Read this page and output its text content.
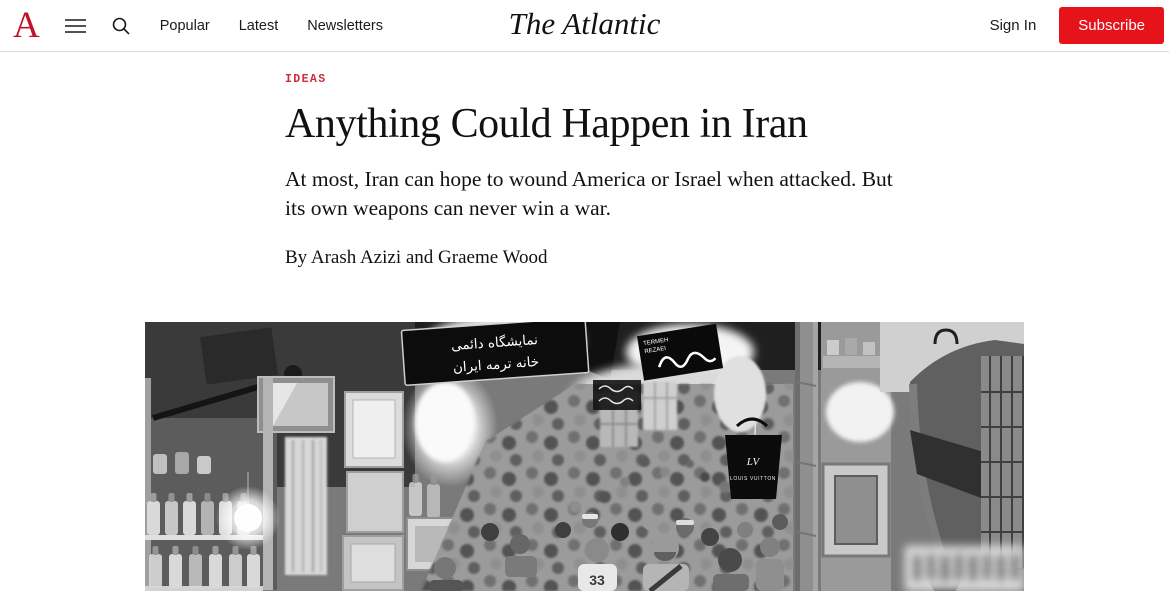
A	Popular Latest Newsletters	The Atlantic	Sign In	Subscribe
IDEAS
Anything Could Happen in Iran
At most, Iran can hope to wound America or Israel when attacked. But its own weapons can never win a war.
By Arash Azizi and Graeme Wood
33
نمایشگاه دائمی
خانه ترمه ایران
TERMEH
REZAEI
LV
LOUIS VUITTON
